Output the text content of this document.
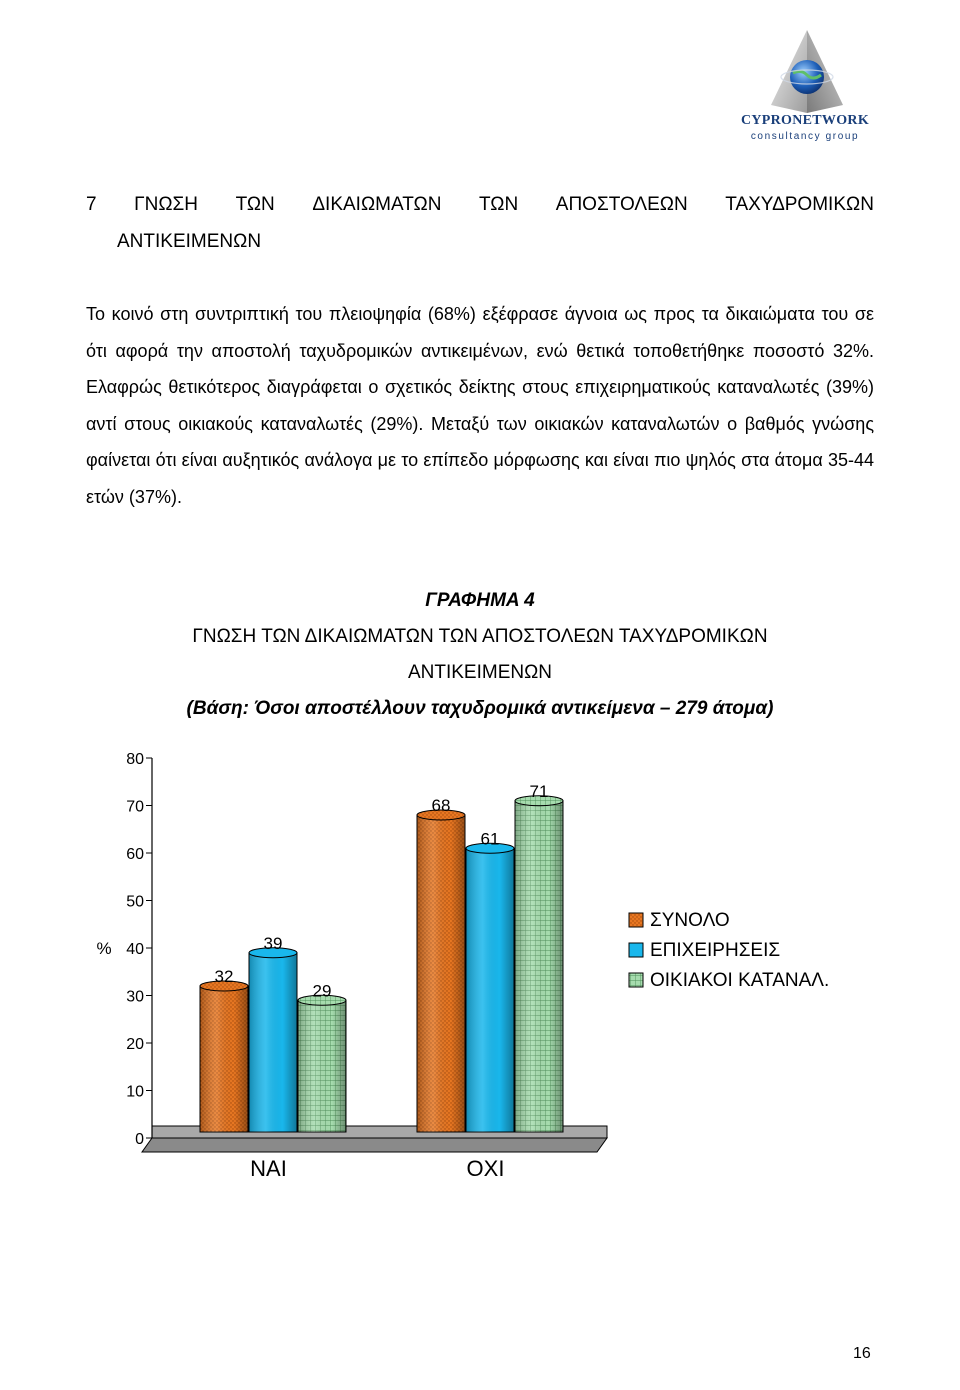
CYPRONETWORK
consultancy group
7 ΓΝΩΣΗ ΤΩΝ ΔΙΚΑΙΩΜΑΤΩΝ ΤΩΝ ΑΠΟΣΤΟΛΕΩΝ ΤΑΧΥΔΡΟΜΙΚΩΝ
ΑΝΤΙΚΕΙΜΕΝΩΝ
Το κοινό στη συντριπτική του πλειοψηφία (68%) εξέφρασε άγνοια ως προς τα δικαιώματα του σε ότι αφορά την αποστολή ταχυδρομικών αντικειμένων, ενώ θετικά τοποθετήθηκε ποσοστό 32%. Ελαφρώς θετικότερος διαγράφεται ο σχετικός δείκτης στους επιχειρηματικούς καταναλωτές (39%) αντί στους οικιακούς καταναλωτές (29%). Μεταξύ των οικιακών καταναλωτών ο βαθμός γνώσης φαίνεται ότι είναι αυξητικός ανάλογα με το επίπεδο μόρφωσης και είναι πιο ψηλός στα άτομα 35-44 ετών (37%).
ΓΡΑΦΗΜΑ 4
ΓΝΩΣΗ ΤΩΝ ΔΙΚΑΙΩΜΑΤΩΝ ΤΩΝ ΑΠΟΣΤΟΛΕΩΝ ΤΑΧΥΔΡΟΜΙΚΩΝ
ΑΝΤΙΚΕΙΜΕΝΩΝ
(Βάση: Όσοι αποστέλλουν ταχυδρομικά αντικείμενα – 279 άτομα)
0
10
20
30
40
50
60
70
80
%
32
39
29
ΝΑΙ
68
61
71
ΟΧΙ
ΣΥΝΟΛΟ
ΕΠΙΧΕΙΡΗΣΕΙΣ
ΟΙΚΙΑΚΟΙ ΚΑΤΑΝΑΛ.
16
